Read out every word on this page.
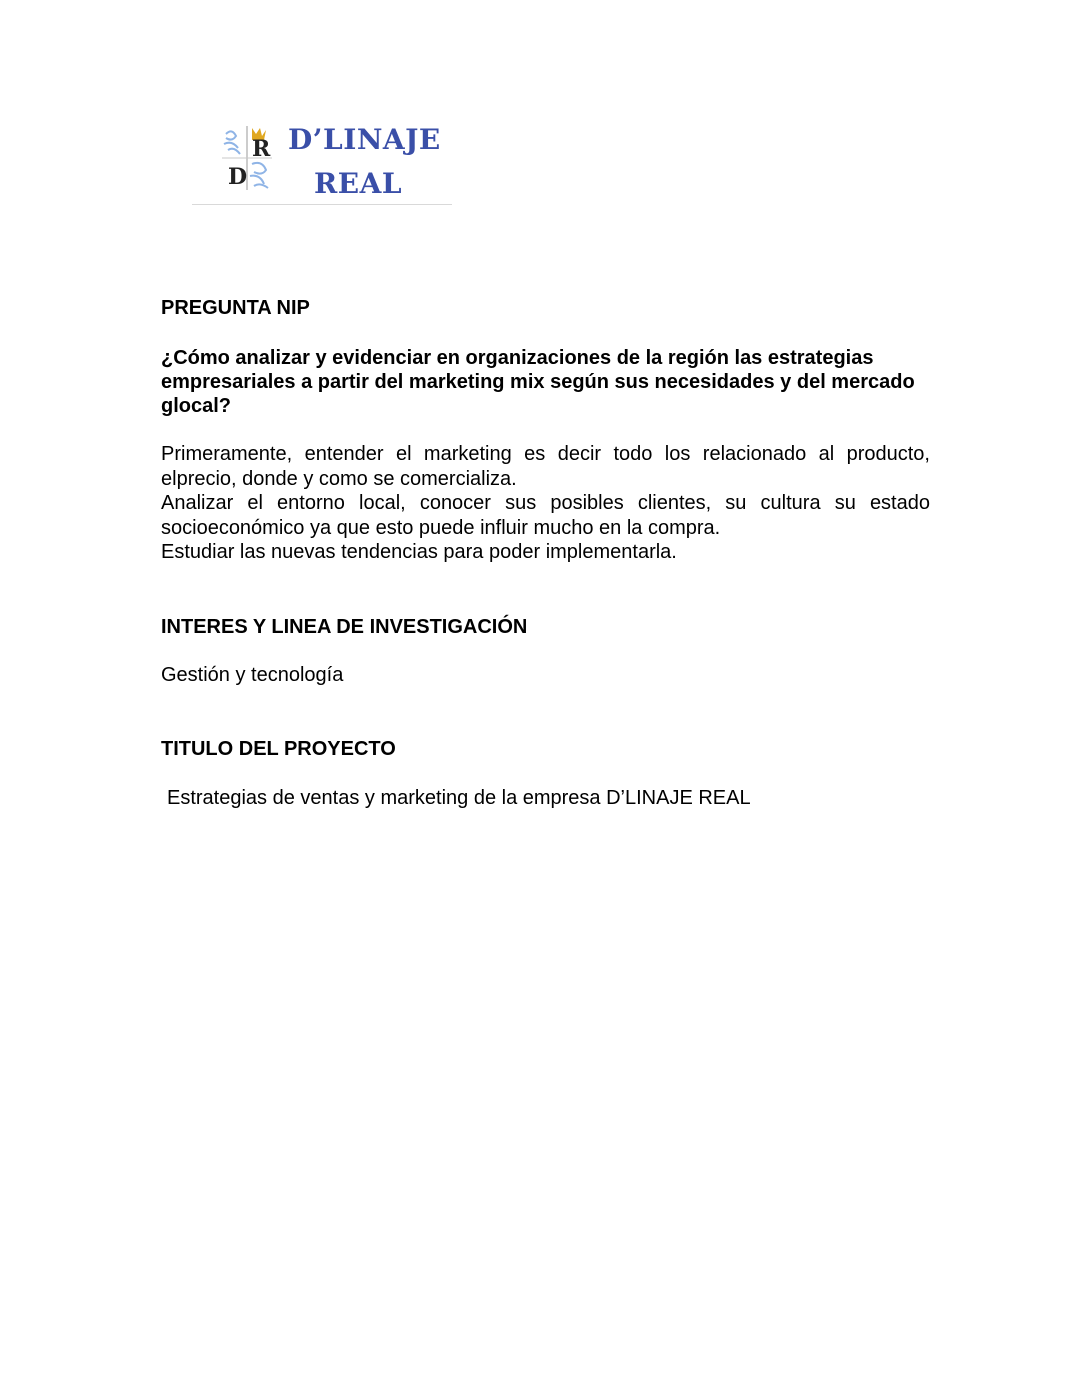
R
D
D’LINAJE
REAL
PREGUNTA NIP

¿Cómo analizar y evidenciar en organizaciones de la región las estrategias empresariales a partir del marketing mix según sus necesidades y del mercado glocal?

Primeramente, entender el marketing es decir todo los relacionado al producto, elprecio, donde y como se comercializa.

Analizar el entorno local, conocer sus posibles clientes, su cultura su estado socioeconómico ya que esto puede influir mucho en la compra.

Estudiar las nuevas tendencias para poder implementarla.

INTERES Y LINEA DE INVESTIGACIÓN

Gestión y tecnología

TITULO DEL PROYECTO

Estrategias de ventas y marketing de la empresa D’LINAJE REAL
